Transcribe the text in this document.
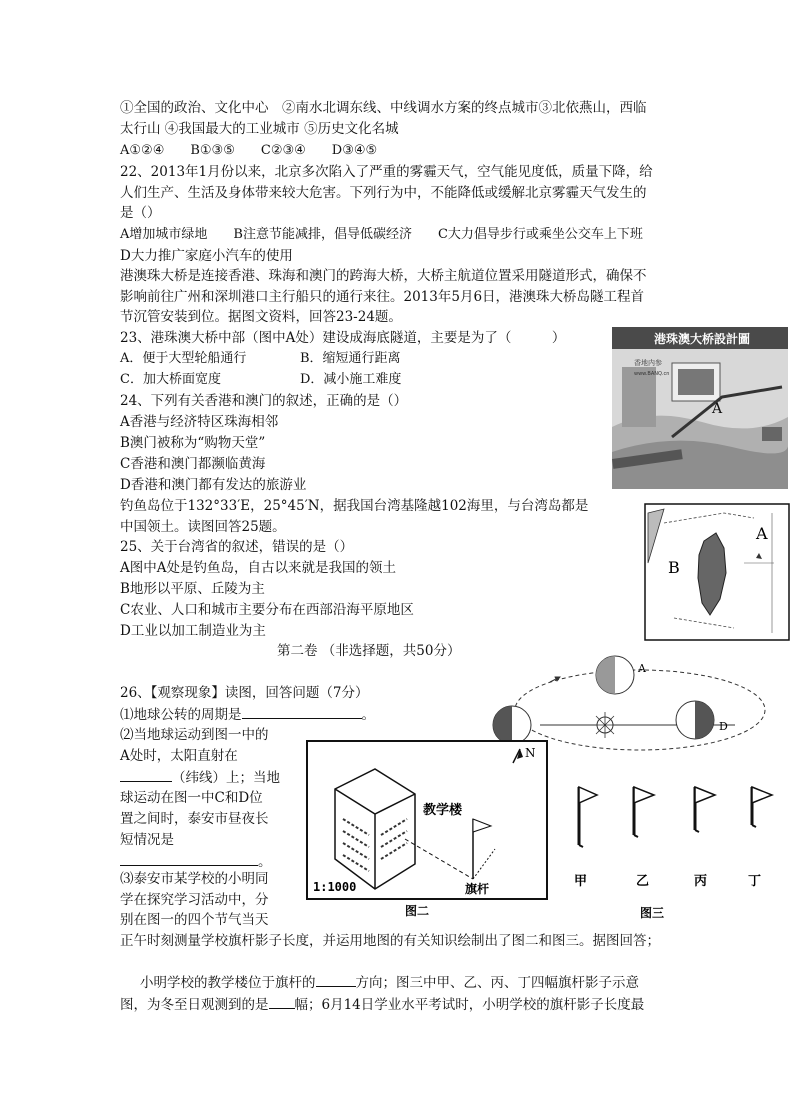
①全国的政治、文化中心　②南水北调东线、中线调水方案的终点城市③北依燕山，西临
太行山 ④我国最大的工业城市 ⑤历史文化名城
A①②④　　B①③⑤　　C②③④　　D③④⑤
22、2013年1月份以来，北京多次陷入了严重的雾霾天气，空气能见度低，质量下降，给
人们生产、生活及身体带来较大危害。下列行为中，不能降低或缓解北京雾霾天气发生的
是（）
A增加城市绿地　　B注意节能减排，倡导低碳经济　　C大力倡导步行或乘坐公交车上下班
D大力推广家庭小汽车的使用
港澳珠大桥是连接香港、珠海和澳门的跨海大桥，大桥主航道位置采用隧道形式，确保不
影响前往广州和深圳港口主行船只的通行来往。2013年5月6日，港澳珠大桥岛隧工程首
节沉管安装到位。据图文资料，回答23-24题。
23、港珠澳大桥中部（图中A处）建设成海底隧道，主要是为了（　　　）
A．便于大型轮船通行	B．缩短通行距离
C．加大桥面宽度	D．减小施工难度
24、下列有关香港和澳门的叙述，正确的是（）
A香港与经济特区珠海相邻
B澳门被称为“购物天堂”
C香港和澳门都濒临黄海
D香港和澳门都有发达的旅游业
钓鱼岛位于132°33′E，25°45′N，据我国台湾基隆越102海里，与台湾岛都是
中国领土。读图回答25题。
25、关于台湾省的叙述，错误的是（）
A图中A处是钓鱼岛，自古以来就是我国的领土
B地形以平原、丘陵为主
C农业、人口和城市主要分布在西部沿海平原地区
D工业以加工制造业为主
第二卷 （非选择题，共50分）
26、【观察现象】读图，回答问题（7分）
⑴地球公转的周期是	。
⑵当地球运动到图一中的
A处时，太阳直射在
（纬线）上；当地
球运动在图一中C和D位
置之间时，泰安市昼夜长
短情况是
。
⑶泰安市某学校的小明同
学在探究学习活动中，分
别在图一的四个节气当天
正午时刻测量学校旗杆影子长度，并运用地图的有关知识绘制出了图二和图三。据图回答；
小明学校的教学楼位于旗杆的	方向；图三中甲、乙、丙、丁四幅旗杆影子示意
图，为冬至日观测到的是 幅；6月14日学业水平考试时，小明学校的旗杆影子长度最
港珠澳大桥設計圖
香地内参
www.BANQ.cn
A
A
B
A
D
教学楼
N
旗杆
1:1000
图二
甲	乙	丙	丁
图三
